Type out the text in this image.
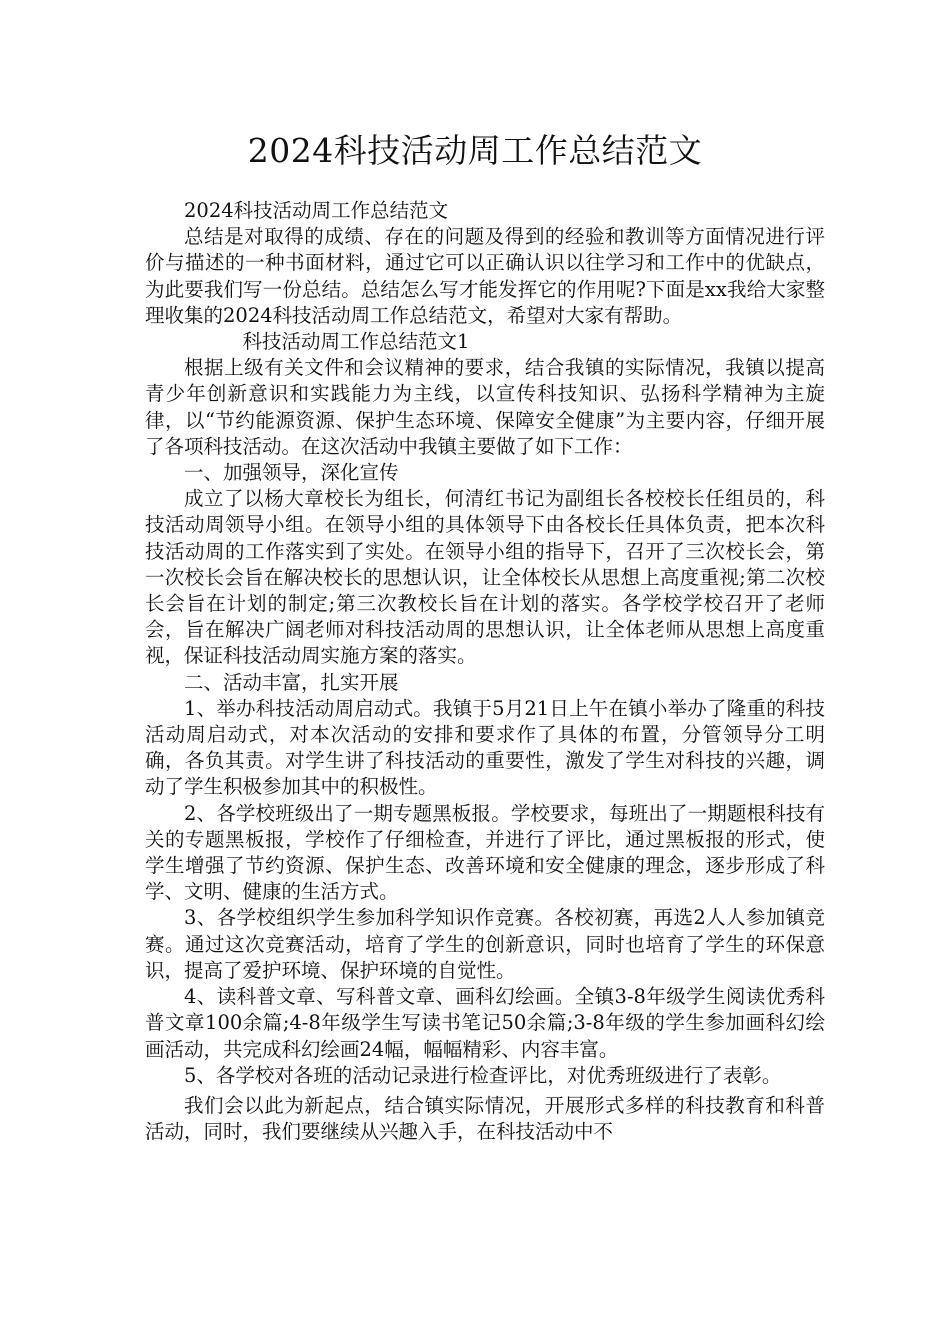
2024科技活动周工作总结范文

2024科技活动周工作总结范文

总结是对取得的成绩、存在的问题及得到的经验和教训等方面情况进行评价与描述的一种书面材料，通过它可以正确认识以往学习和工作中的优缺点，为此要我们写一份总结。总结怎么写才能发挥它的作用呢?下面是xx我给大家整理收集的2024科技活动周工作总结范文，希望对大家有帮助。

科技活动周工作总结范文1

根据上级有关文件和会议精神的要求，结合我镇的实际情况，我镇以提高青少年创新意识和实践能力为主线，以宣传科技知识、弘扬科学精神为主旋律，以“节约能源资源、保护生态环境、保障安全健康”为主要内容，仔细开展了各项科技活动。在这次活动中我镇主要做了如下工作：

一、加强领导，深化宣传

成立了以杨大章校长为组长，何清红书记为副组长各校校长任组员的，科技活动周领导小组。在领导小组的具体领导下由各校长任具体负责，把本次科技活动周的工作落实到了实处。在领导小组的指导下，召开了三次校长会，第一次校长会旨在解决校长的思想认识，让全体校长从思想上高度重视;第二次校长会旨在计划的制定;第三次教校长旨在计划的落实。各学校学校召开了老师会，旨在解决广阔老师对科技活动周的思想认识，让全体老师从思想上高度重视，保证科技活动周实施方案的落实。

二、活动丰富，扎实开展

1、举办科技活动周启动式。我镇于5月21日上午在镇小举办了隆重的科技活动周启动式，对本次活动的安排和要求作了具体的布置，分管领导分工明确，各负其责。对学生讲了科技活动的重要性，激发了学生对科技的兴趣，调动了学生积极参加其中的积极性。

2、各学校班级出了一期专题黑板报。学校要求，每班出了一期题根科技有关的专题黑板报，学校作了仔细检查，并进行了评比，通过黑板报的形式，使学生增强了节约资源、保护生态、改善环境和安全健康的理念，逐步形成了科学、文明、健康的生活方式。

3、各学校组织学生参加科学知识作竞赛。各校初赛，再选2人人参加镇竞赛。通过这次竞赛活动，培育了学生的创新意识，同时也培育了学生的环保意识，提高了爱护环境、保护环境的自觉性。

4、读科普文章、写科普文章、画科幻绘画。全镇3-8年级学生阅读优秀科普文章100余篇;4-8年级学生写读书笔记50余篇;3-8年级的学生参加画科幻绘画活动，共完成科幻绘画24幅，幅幅精彩、内容丰富。

5、各学校对各班的活动记录进行检查评比，对优秀班级进行了表彰。

我们会以此为新起点，结合镇实际情况，开展形式多样的科技教育和科普活动，同时，我们要继续从兴趣入手，在科技活动中不
